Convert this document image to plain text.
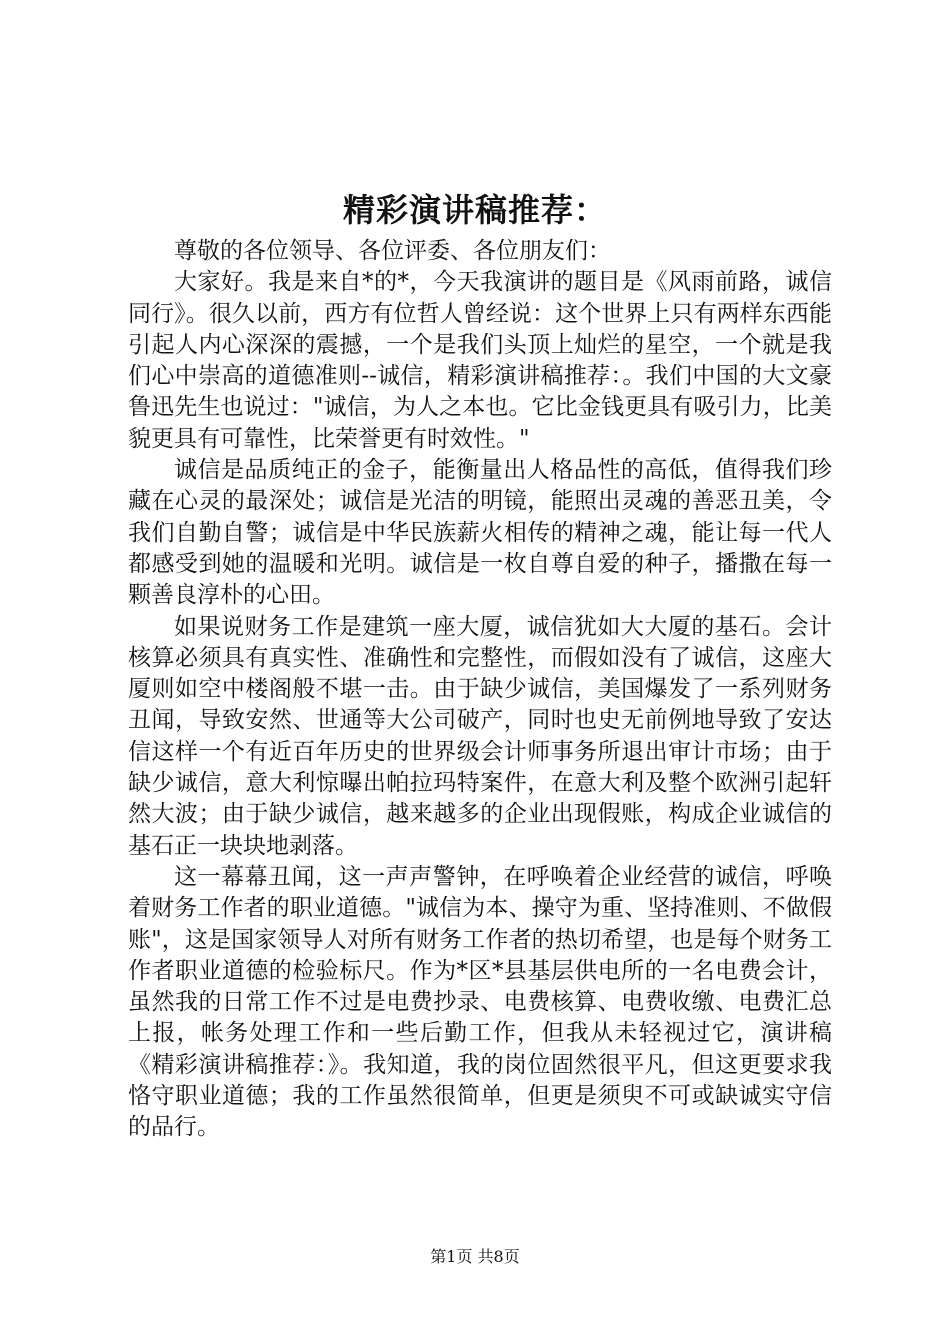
精彩演讲稿推荐：

尊敬的各位领导、各位评委、各位朋友们：

大家好。我是来自*的*，今天我演讲的题目是《风雨前路，诚信同行》。很久以前，西方有位哲人曾经说：这个世界上只有两样东西能引起人内心深深的震撼，一个是我们头顶上灿烂的星空，一个就是我们心中崇高的道德准则--诚信，精彩演讲稿推荐：。我们中国的大文豪鲁迅先生也说过："诚信，为人之本也。它比金钱更具有吸引力，比美貌更具有可靠性，比荣誉更有时效性。"

诚信是品质纯正的金子，能衡量出人格品性的高低，值得我们珍藏在心灵的最深处；诚信是光洁的明镜，能照出灵魂的善恶丑美，令我们自勤自警；诚信是中华民族薪火相传的精神之魂，能让每一代人都感受到她的温暖和光明。诚信是一枚自尊自爱的种子，播撒在每一颗善良淳朴的心田。

如果说财务工作是建筑一座大厦，诚信犹如大大厦的基石。会计核算必须具有真实性、准确性和完整性，而假如没有了诚信，这座大厦则如空中楼阁般不堪一击。由于缺少诚信，美国爆发了一系列财务丑闻，导致安然、世通等大公司破产，同时也史无前例地导致了安达信这样一个有近百年历史的世界级会计师事务所退出审计市场；由于缺少诚信，意大利惊曝出帕拉玛特案件，在意大利及整个欧洲引起轩然大波；由于缺少诚信，越来越多的企业出现假账，构成企业诚信的基石正一块块地剥落。

这一幕幕丑闻，这一声声警钟，在呼唤着企业经营的诚信，呼唤着财务工作者的职业道德。"诚信为本、操守为重、坚持准则、不做假账"，这是国家领导人对所有财务工作者的热切希望，也是每个财务工作者职业道德的检验标尺。作为*区*县基层供电所的一名电费会计，虽然我的日常工作不过是电费抄录、电费核算、电费收缴、电费汇总上报，帐务处理工作和一些后勤工作，但我从未轻视过它，演讲稿《精彩演讲稿推荐：》。我知道，我的岗位固然很平凡，但这更要求我恪守职业道德；我的工作虽然很简单，但更是须臾不可或缺诚实守信的品行。

第1页 共8页
